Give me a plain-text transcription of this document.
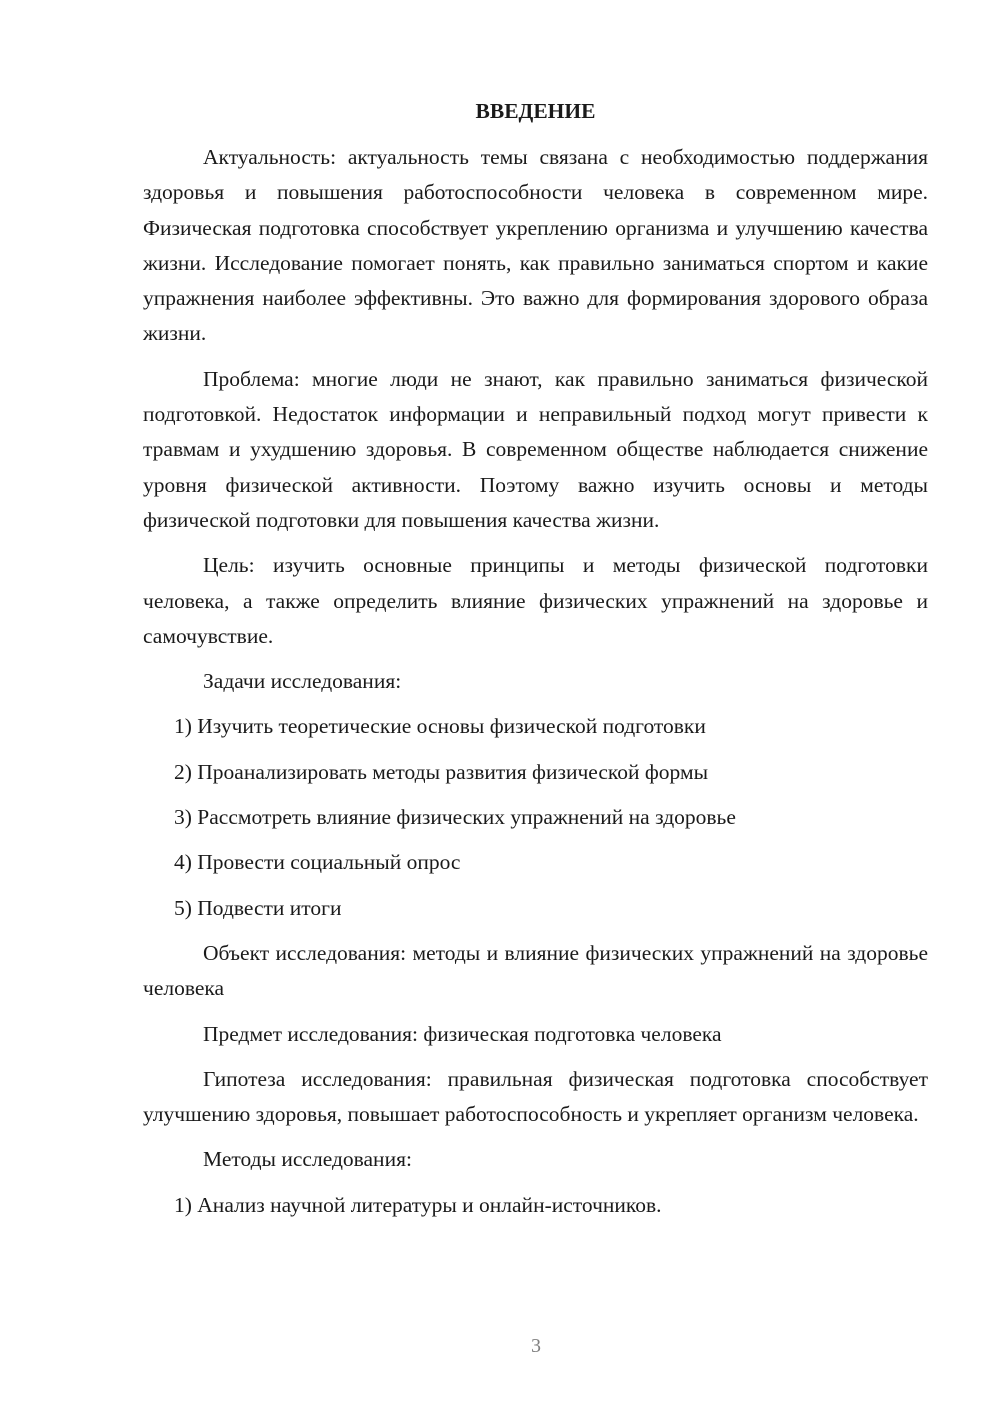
ВВЕДЕНИЕ

Актуальность: актуальность темы связана с необходимостью поддержания здоровья и повышения работоспособности человека в современном мире. Физическая подготовка способствует укреплению организма и улучшению качества жизни. Исследование помогает понять, как правильно заниматься спортом и какие упражнения наиболее эффективны. Это важно для формирования здорового образа жизни.

Проблема: многие люди не знают, как правильно заниматься физической подготовкой. Недостаток информации и неправильный подход могут привести к травмам и ухудшению здоровья. В современном обществе наблюдается снижение уровня физической активности. Поэтому важно изучить основы и методы физической подготовки для повышения качества жизни.

Цель: изучить основные принципы и методы физической подготовки человека, а также определить влияние физических упражнений на здоровье и самочувствие.

Задачи исследования:

1) Изучить теоретические основы физической подготовки

2) Проанализировать методы развития физической формы

3) Рассмотреть влияние физических упражнений на здоровье

4) Провести социальный опрос

5) Подвести итоги

Объект исследования: методы и влияние физических упражнений на здоровье человека

Предмет исследования: физическая подготовка человека

Гипотеза исследования: правильная физическая подготовка способствует улучшению здоровья, повышает работоспособность и укрепляет организм человека.

Методы исследования:

1) Анализ научной литературы и онлайн-источников.

3
